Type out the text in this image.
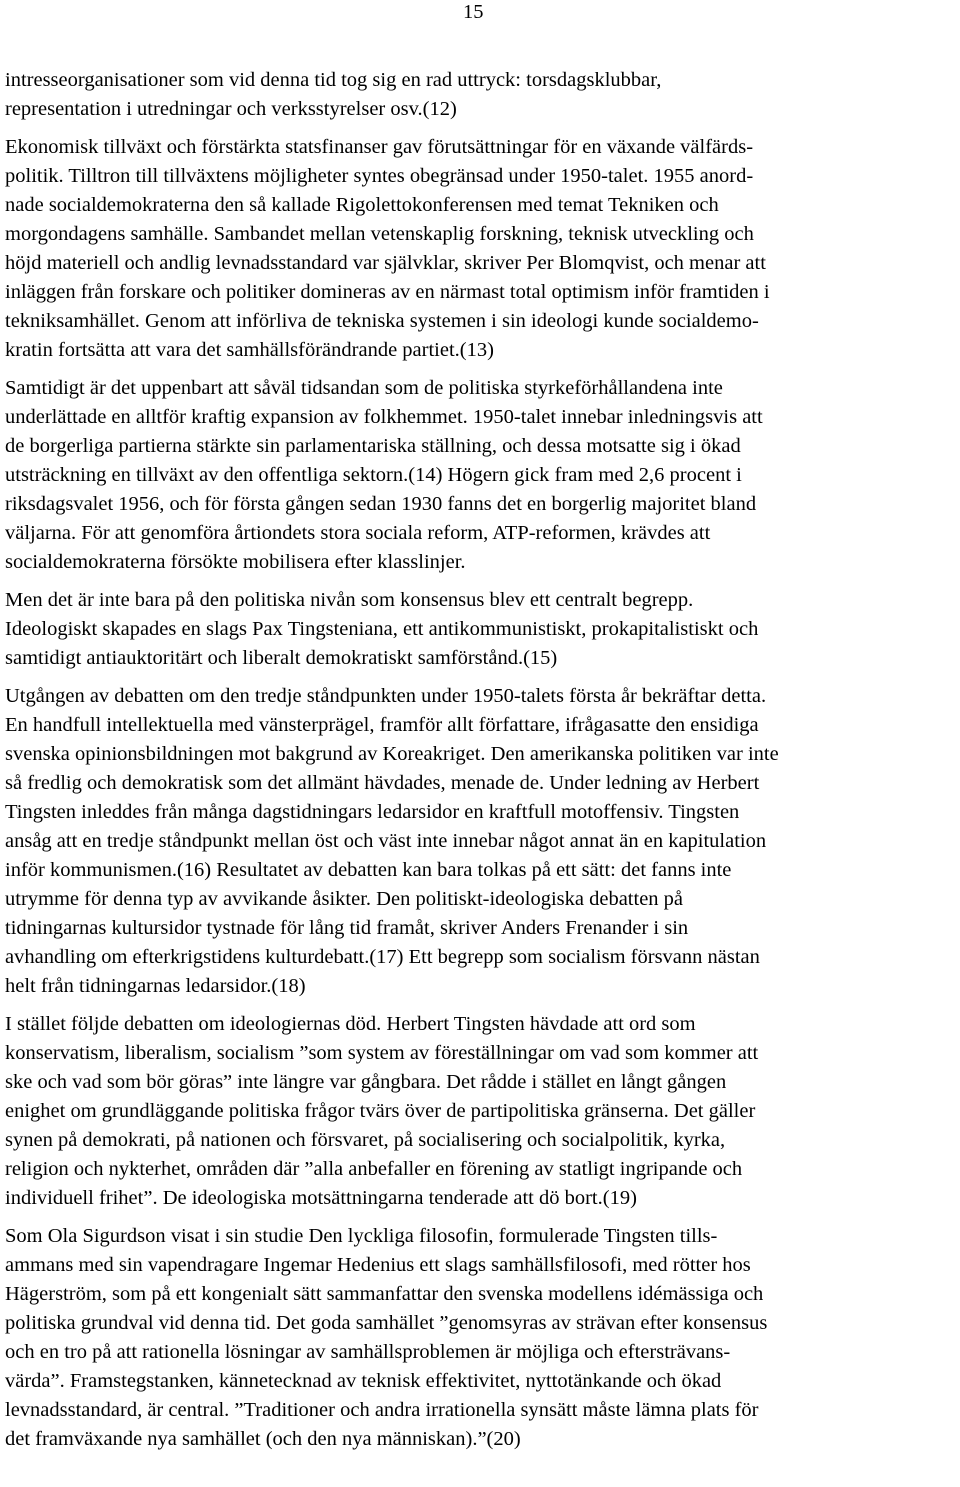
15
intresseorganisationer som vid denna tid tog sig en rad uttryck: torsdagsklubbar,
representation i utredningar och verksstyrelser osv.(12)
Ekonomisk tillväxt och förstärkta statsfinanser gav förutsättningar för en växande välfärds-
politik. Tilltron till tillväxtens möjligheter syntes obegränsad under 1950-talet. 1955 anord-
nade socialdemokraterna den så kallade Rigolettokonferensen med temat Tekniken och
morgondagens samhälle. Sambandet mellan vetenskaplig forskning, teknisk utveckling och
höjd materiell och andlig levnadsstandard var självklar, skriver Per Blomqvist, och menar att
inläggen från forskare och politiker domineras av en närmast total optimism inför framtiden i
tekniksamhället. Genom att införliva de tekniska systemen i sin ideologi kunde socialdemo-
kratin fortsätta att vara det samhällsförändrande partiet.(13)
Samtidigt är det uppenbart att såväl tidsandan som de politiska styrkeförhållandena inte
underlättade en alltför kraftig expansion av folkhemmet. 1950-talet innebar inledningsvis att
de borgerliga partierna stärkte sin parlamentariska ställning, och dessa motsatte sig i ökad
utsträckning en tillväxt av den offentliga sektorn.(14) Högern gick fram med 2,6 procent i
riksdagsvalet 1956, och för första gången sedan 1930 fanns det en borgerlig majoritet bland
väljarna. För att genomföra årtiondets stora sociala reform, ATP-reformen, krävdes att
socialdemokraterna försökte mobilisera efter klasslinjer.
Men det är inte bara på den politiska nivån som konsensus blev ett centralt begrepp.
Ideologiskt skapades en slags Pax Tingsteniana, ett antikommunistiskt, prokapitalistiskt och
samtidigt antiauktoritärt och liberalt demokratiskt samförstånd.(15)
Utgången av debatten om den tredje ståndpunkten under 1950-talets första år bekräftar detta.
En handfull intellektuella med vänsterprägel, framför allt författare, ifrågasatte den ensidiga
svenska opinionsbildningen mot bakgrund av Koreakriget. Den amerikanska politiken var inte
så fredlig och demokratisk som det allmänt hävdades, menade de. Under ledning av Herbert
Tingsten inleddes från många dagstidningars ledarsidor en kraftfull motoffensiv. Tingsten
ansåg att en tredje ståndpunkt mellan öst och väst inte innebar något annat än en kapitulation
inför kommunismen.(16) Resultatet av debatten kan bara tolkas på ett sätt: det fanns inte
utrymme för denna typ av avvikande åsikter. Den politiskt-ideologiska debatten på
tidningarnas kultursidor tystnade för lång tid framåt, skriver Anders Frenander i sin
avhandling om efterkrigstidens kulturdebatt.(17) Ett begrepp som socialism försvann nästan
helt från tidningarnas ledarsidor.(18)
I stället följde debatten om ideologiernas död. Herbert Tingsten hävdade att ord som
konservatism, liberalism, socialism ”som system av föreställningar om vad som kommer att
ske och vad som bör göras” inte längre var gångbara. Det rådde i stället en långt gången
enighet om grundläggande politiska frågor tvärs över de partipolitiska gränserna. Det gäller
synen på demokrati, på nationen och försvaret, på socialisering och socialpolitik, kyrka,
religion och nykterhet, områden där ”alla anbefaller en förening av statligt ingripande och
individuell frihet”. De ideologiska motsättningarna tenderade att dö bort.(19)
Som Ola Sigurdson visat i sin studie Den lyckliga filosofin, formulerade Tingsten tills-
ammans med sin vapendragare Ingemar Hedenius ett slags samhällsfilosofi, med rötter hos
Hägerström, som på ett kongenialt sätt sammanfattar den svenska modellens idémässiga och
politiska grundval vid denna tid. Det goda samhället ”genomsyras av strävan efter konsensus
och en tro på att rationella lösningar av samhällsproblemen är möjliga och eftersträvans-
värda”. Framstegstanken, kännetecknad av teknisk effektivitet, nyttotänkande och ökad
levnadsstandard, är central. ”Traditioner och andra irrationella synsätt måste lämna plats för
det framväxande nya samhället (och den nya människan).”(20)
